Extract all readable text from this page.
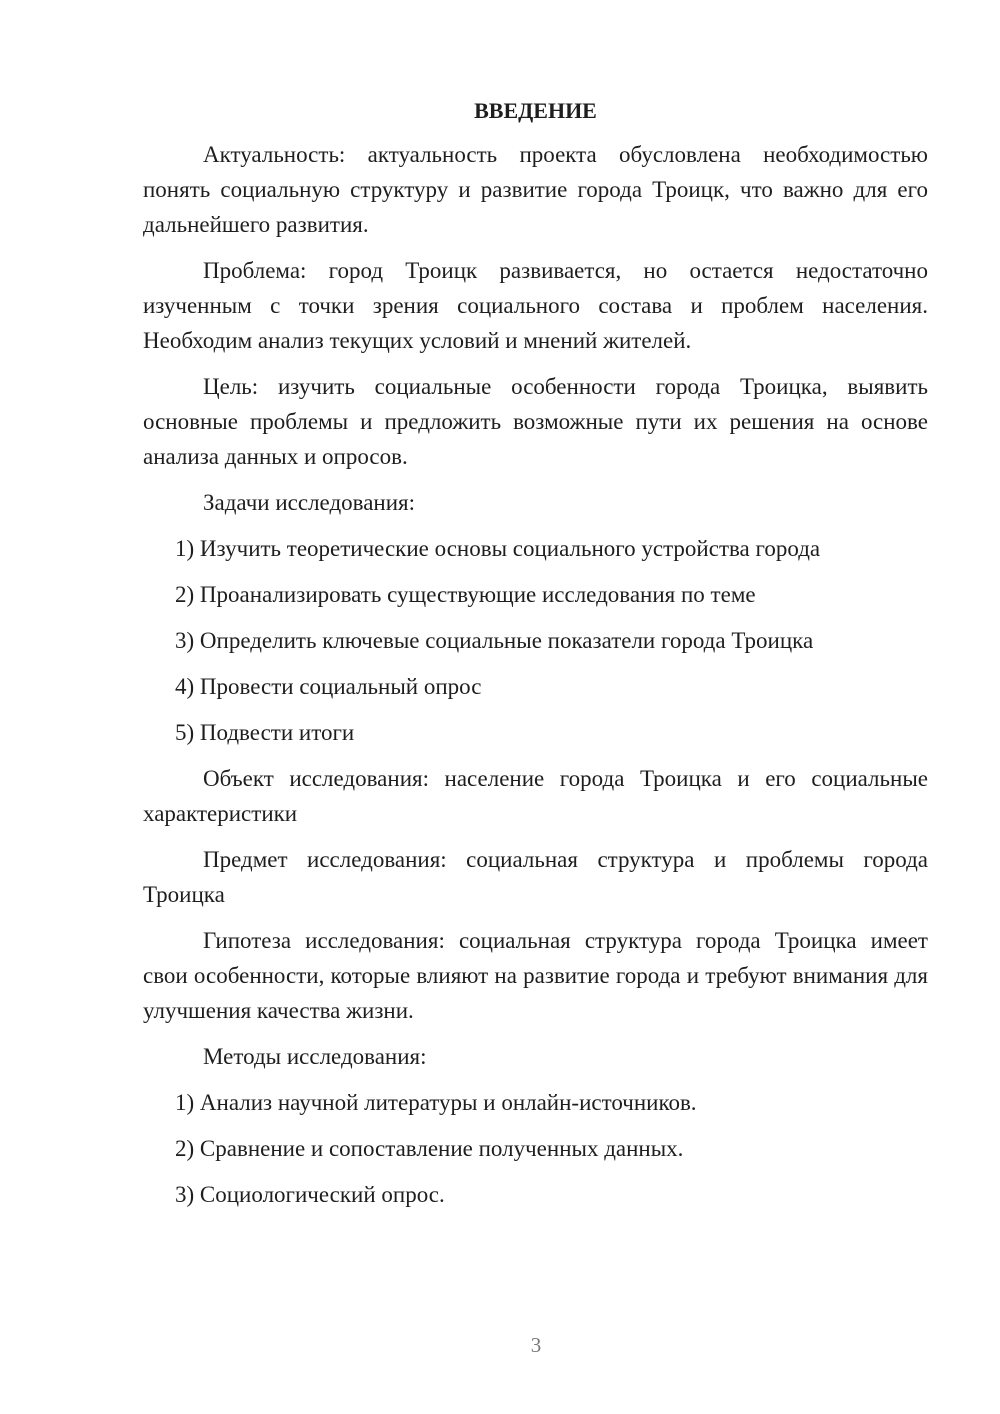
ВВЕДЕНИЕ

Актуальность: актуальность проекта обусловлена необходимостью понять социальную структуру и развитие города Троицк, что важно для его дальнейшего развития.

Проблема: город Троицк развивается, но остается недостаточно изученным с точки зрения социального состава и проблем населения. Необходим анализ текущих условий и мнений жителей.

Цель: изучить социальные особенности города Троицка, выявить основные проблемы и предложить возможные пути их решения на основе анализа данных и опросов.

Задачи исследования:
1) Изучить теоретические основы социального устройства города
2) Проанализировать существующие исследования по теме
3) Определить ключевые социальные показатели города Троицка
4) Провести социальный опрос
5) Подвести итоги

Объект исследования: население города Троицка и его социальные характеристики

Предмет исследования: социальная структура и проблемы города Троицка

Гипотеза исследования: социальная структура города Троицка имеет свои особенности, которые влияют на развитие города и требуют внимания для улучшения качества жизни.

Методы исследования:
1) Анализ научной литературы и онлайн-источников.
2) Сравнение и сопоставление полученных данных.
3) Социологический опрос.
3
